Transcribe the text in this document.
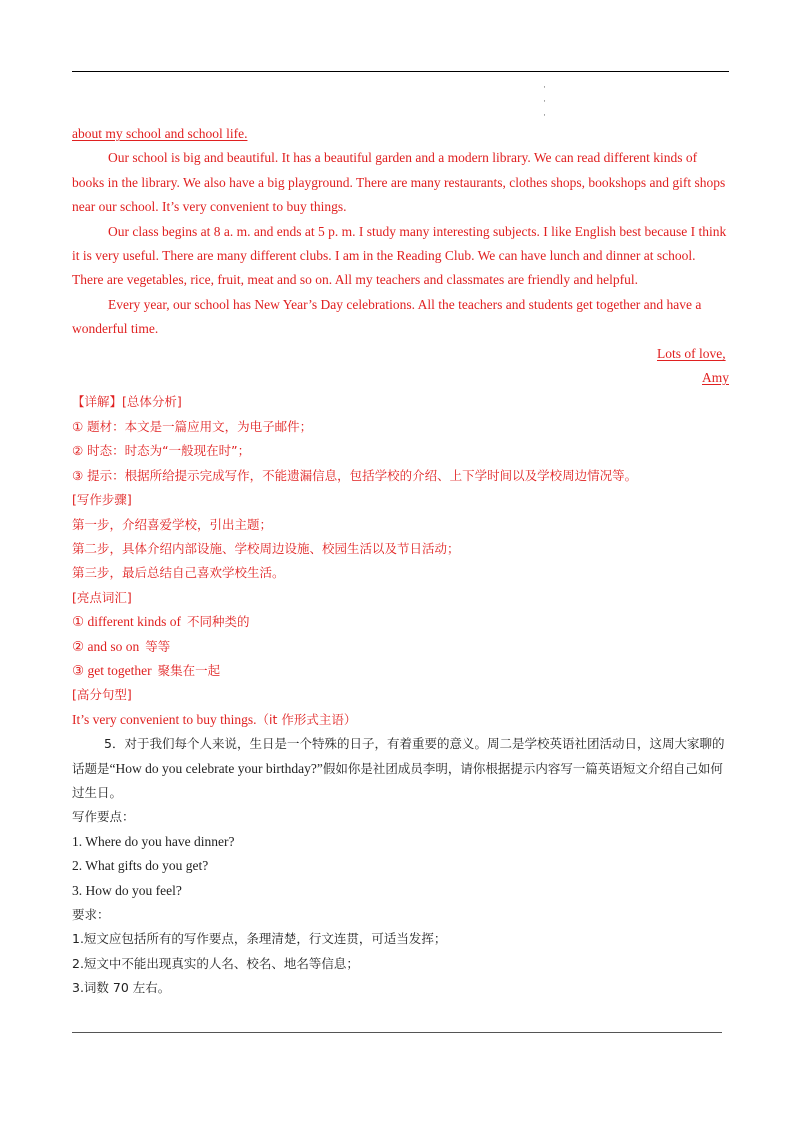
·
·
·

about my school and school life.

Our school is big and beautiful. It has a beautiful garden and a modern library. We can read different kinds of books in the library. We also have a big playground. There are many restaurants, clothes shops, bookshops and gift shops near our school. It’s very convenient to buy things.

Our class begins at 8 a. m. and ends at 5 p. m. I study many interesting subjects. I like English best because I think it is very useful. There are many different clubs. I am in the Reading Club. We can have lunch and dinner at school. There are vegetables, rice, fruit, meat and so on. All my teachers and classmates are friendly and helpful.

Every year, our school has New Year’s Day celebrations. All the teachers and students get together and have a wonderful time.

Lots of love,

Amy

【详解】[总体分析]

① 题材：本文是一篇应用文，为电子邮件；

② 时态：时态为“一般现在时”；

③ 提示：根据所给提示完成写作，不能遗漏信息，包括学校的介绍、上下学时间以及学校周边情况等。

[写作步骤]

第一步，介绍喜爱学校，引出主题；

第二步，具体介绍内部设施、学校周边设施、校园生活以及节日活动；

第三步，最后总结自己喜欢学校生活。

[亮点词汇]

① different kinds of 不同种类的

② and so on 等等

③ get together 聚集在一起

[高分句型]

It’s very convenient to buy things.（it 作形式主语）

5．对于我们每个人来说，生日是一个特殊的日子，有着重要的意义。周二是学校英语社团活动日，这周大家聊的话题是“How do you celebrate your birthday?”假如你是社团成员李明，请你根据提示内容写一篇英语短文介绍自己如何过生日。

写作要点：

1. Where do you have dinner?

2. What gifts do you get?

3. How do you feel?

要求：

1.短文应包括所有的写作要点，条理清楚，行文连贯，可适当发挥；

2.短文中不能出现真实的人名、校名、地名等信息；

3.词数 70 左右。
